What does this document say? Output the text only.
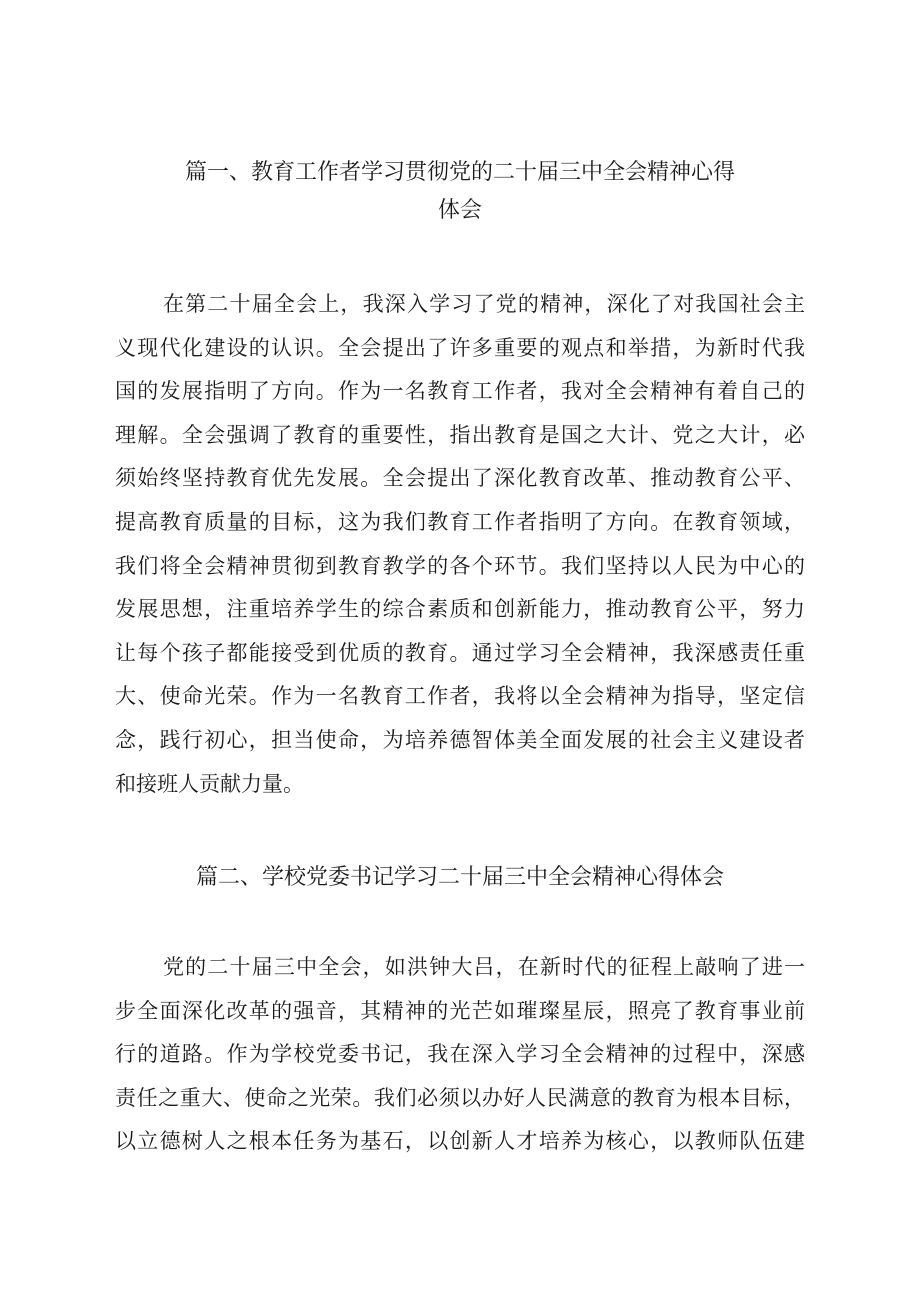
篇一、教育工作者学习贯彻党的二十届三中全会精神心得
体会
在第二十届全会上，我深入学习了党的精神，深化了对我国社会主
义现代化建设的认识。全会提出了许多重要的观点和举措，为新时代我
国的发展指明了方向。作为一名教育工作者，我对全会精神有着自己的
理解。全会强调了教育的重要性，指出教育是国之大计、党之大计，必
须始终坚持教育优先发展。全会提出了深化教育改革、推动教育公平、
提高教育质量的目标，这为我们教育工作者指明了方向。在教育领域，
我们将全会精神贯彻到教育教学的各个环节。我们坚持以人民为中心的
发展思想，注重培养学生的综合素质和创新能力，推动教育公平，努力
让每个孩子都能接受到优质的教育。通过学习全会精神，我深感责任重
大、使命光荣。作为一名教育工作者，我将以全会精神为指导，坚定信
念，践行初心，担当使命，为培养德智体美全面发展的社会主义建设者
和接班人贡献力量。
篇二、学校党委书记学习二十届三中全会精神心得体会
党的二十届三中全会，如洪钟大吕，在新时代的征程上敲响了进一
步全面深化改革的强音，其精神的光芒如璀璨星辰，照亮了教育事业前
行的道路。作为学校党委书记，我在深入学习全会精神的过程中，深感
责任之重大、使命之光荣。我们必须以办好人民满意的教育为根本目标，
以立德树人之根本任务为基石，以创新人才培养为核心，以教师队伍建
